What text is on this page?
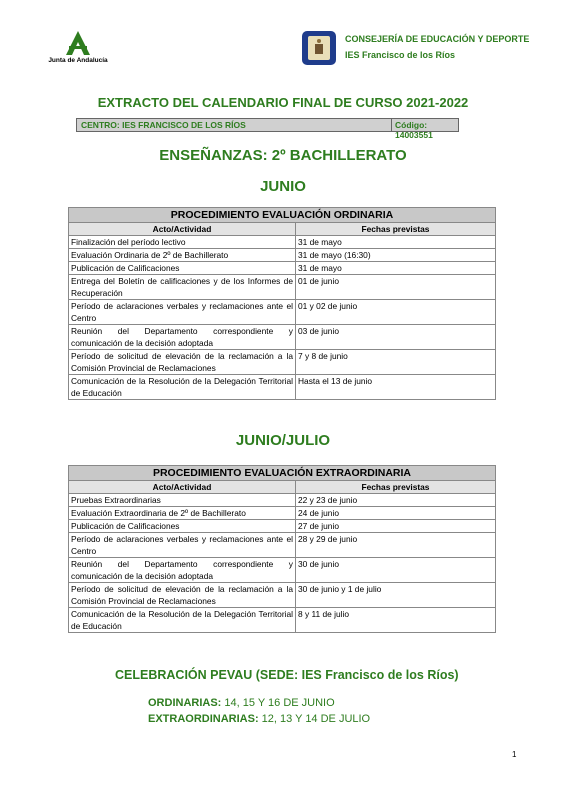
Junta de Andalucía
CONSEJERÍA DE EDUCACIÓN Y DEPORTE
IES Francisco de los Ríos
EXTRACTO DEL CALENDARIO FINAL DE CURSO 2021-2022
CENTRO: IES FRANCISCO DE LOS RÍOS	Código: 14003551
ENSEÑANZAS: 2º BACHILLERATO
JUNIO
PROCEDIMIENTO EVALUACIÓN ORDINARIA	
Acto/Actividad	Fechas previstas
Finalización del período lectivo	31 de mayo
Evaluación Ordinaria de 2º de Bachillerato	31 de mayo (16:30)
Publicación de Calificaciones	31 de mayo
Entrega del Boletín de calificaciones y de los Informes de Recuperación	01 de junio
Período de aclaraciones verbales y reclamaciones ante el Centro	01 y 02 de junio
Reunión del Departamento correspondiente y comunicación de la decisión adoptada	03 de junio
Período de solicitud de elevación de la reclamación a la Comisión Provincial de Reclamaciones	7 y 8 de junio
Comunicación de la Resolución de la Delegación Territorial de Educación	Hasta el 13 de junio
JUNIO/JULIO
PROCEDIMIENTO EVALUACIÓN EXTRAORDINARIA	
Acto/Actividad	Fechas previstas
Pruebas Extraordinarias	22 y 23 de junio
Evaluación Extraordinaria de 2º de Bachillerato	24 de junio
Publicación de Calificaciones	27 de junio
Período de aclaraciones verbales y reclamaciones ante el Centro	28 y 29 de junio
Reunión del Departamento correspondiente y comunicación de la decisión adoptada	30 de junio
Período de solicitud de elevación de la reclamación a la Comisión Provincial de Reclamaciones	30 de junio y 1 de julio
Comunicación de la Resolución de la Delegación Territorial de Educación	8 y 11 de julio
CELEBRACIÓN PEVAU (SEDE: IES Francisco de los Ríos)
ORDINARIAS: 14, 15 Y 16 DE JUNIO
EXTRAORDINARIAS: 12, 13 Y 14 DE JULIO
1
